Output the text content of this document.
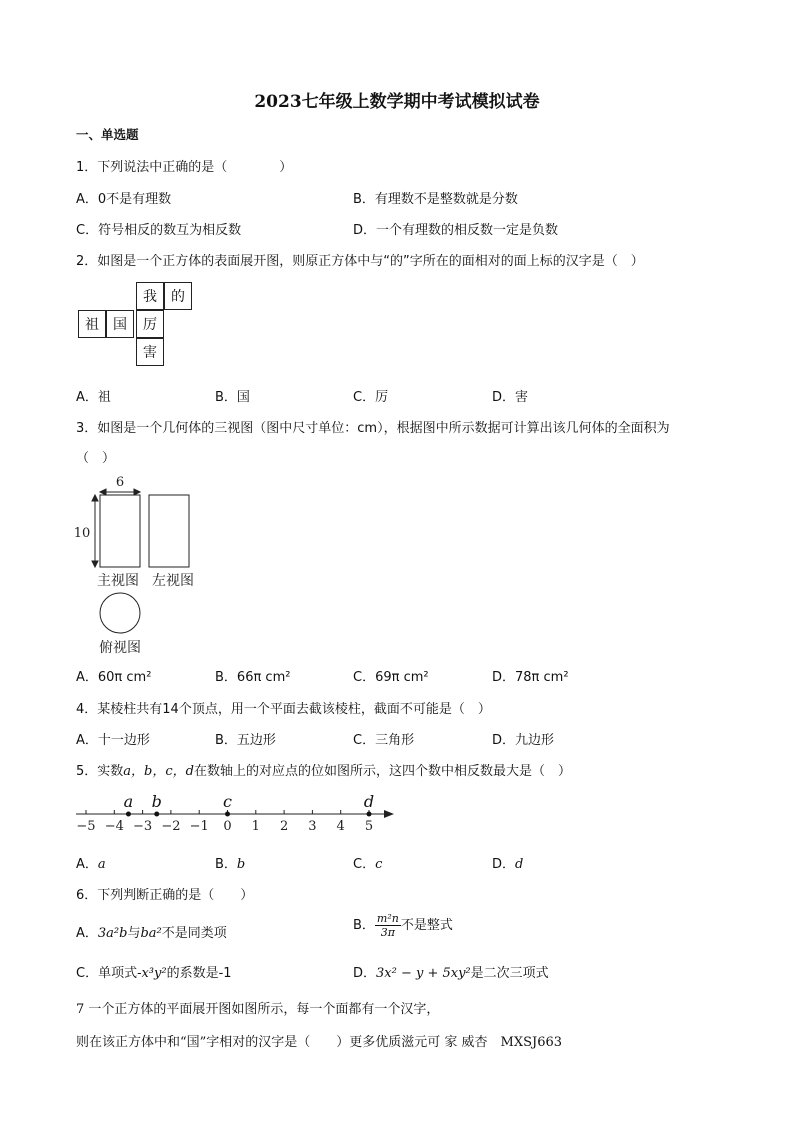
2023七年级上数学期中考试模拟试卷
一、单选题
1．下列说法中正确的是（　　　　）
A．0不是有理数	B．有理数不是整数就是分数
C．符号相反的数互为相反数	D．一个有理数的相反数一定是负数
2．如图是一个正方体的表面展开图，则原正方体中与“的”字所在的面相对的面上标的汉字是（　）
我	的
祖	国	厉
害
A．祖	B．国	C．厉	D．害
3．如图是一个几何体的三视图（图中尺寸单位：cm），根据图中所示数据可计算出该几何体的全面积为
（　）
6
10
主视图 左视图
俯视图
A．60π cm²	B．66π cm²	C．69π cm²	D．78π cm²
4．某棱柱共有14个顶点，用一个平面去截该棱柱，截面不可能是（　）
A．十一边形	B．五边形	C．三角形	D．九边形
5．实数a，b，c，d在数轴上的对应点的位如图所示，这四个数中相反数最大是（　）
−5 −4 −3 −2 −1 0 1 2 3 4 5
a b	c	d
A．a	B．b	C．c	D．d
6．下列判断正确的是（　　）
A．3a²b与ba²不是同类项
B． $\frac{\text{m²n}}{3\pi}$ 不是整式
C．单项式-x³y²的系数是-1	D．3x² − y + 5xy²是二次三项式
7 一个正方体的平面展开图如图所示，每一个面都有一个汉字，
则在该正方体中和“国”字相对的汉字是（　　）更多优质滋元可 家 威杏　MXSJ663
